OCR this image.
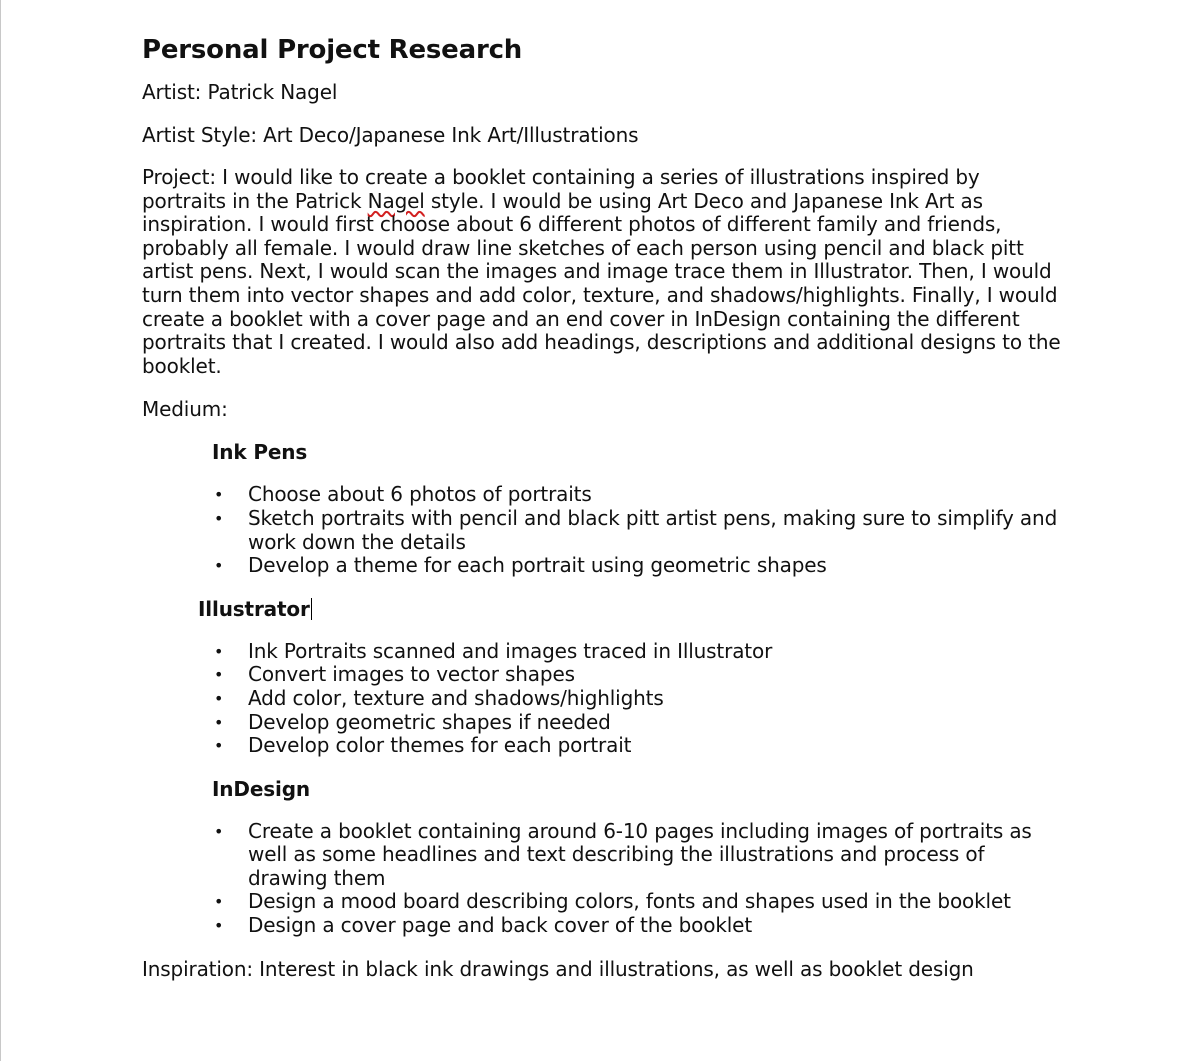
Personal Project Research
Artist: Patrick Nagel
Artist Style: Art Deco/Japanese Ink Art/Illustrations
Project: I would like to create a booklet containing a series of illustrations inspired by portraits in the Patrick Nagel style. I would be using Art Deco and Japanese Ink Art as inspiration. I would first choose about 6 different photos of different family and friends, probably all female. I would draw line sketches of each person using pencil and black pitt artist pens. Next, I would scan the images and image trace them in Illustrator. Then, I would turn them into vector shapes and add color, texture, and shadows/highlights. Finally, I would create a booklet with a cover page and an end cover in InDesign containing the different portraits that I created. I would also add headings, descriptions and additional designs to the booklet.
Medium:
Ink Pens
• Choose about 6 photos of portraits
• Sketch portraits with pencil and black pitt artist pens, making sure to simplify and work down the details
• Develop a theme for each portrait using geometric shapes
Illustrator
• Ink Portraits scanned and images traced in Illustrator
• Convert images to vector shapes
• Add color, texture and shadows/highlights
• Develop geometric shapes if needed
• Develop color themes for each portrait
InDesign
• Create a booklet containing around 6-10 pages including images of portraits as well as some headlines and text describing the illustrations and process of drawing them
• Design a mood board describing colors, fonts and shapes used in the booklet
• Design a cover page and back cover of the booklet
Inspiration: Interest in black ink drawings and illustrations, as well as booklet design
